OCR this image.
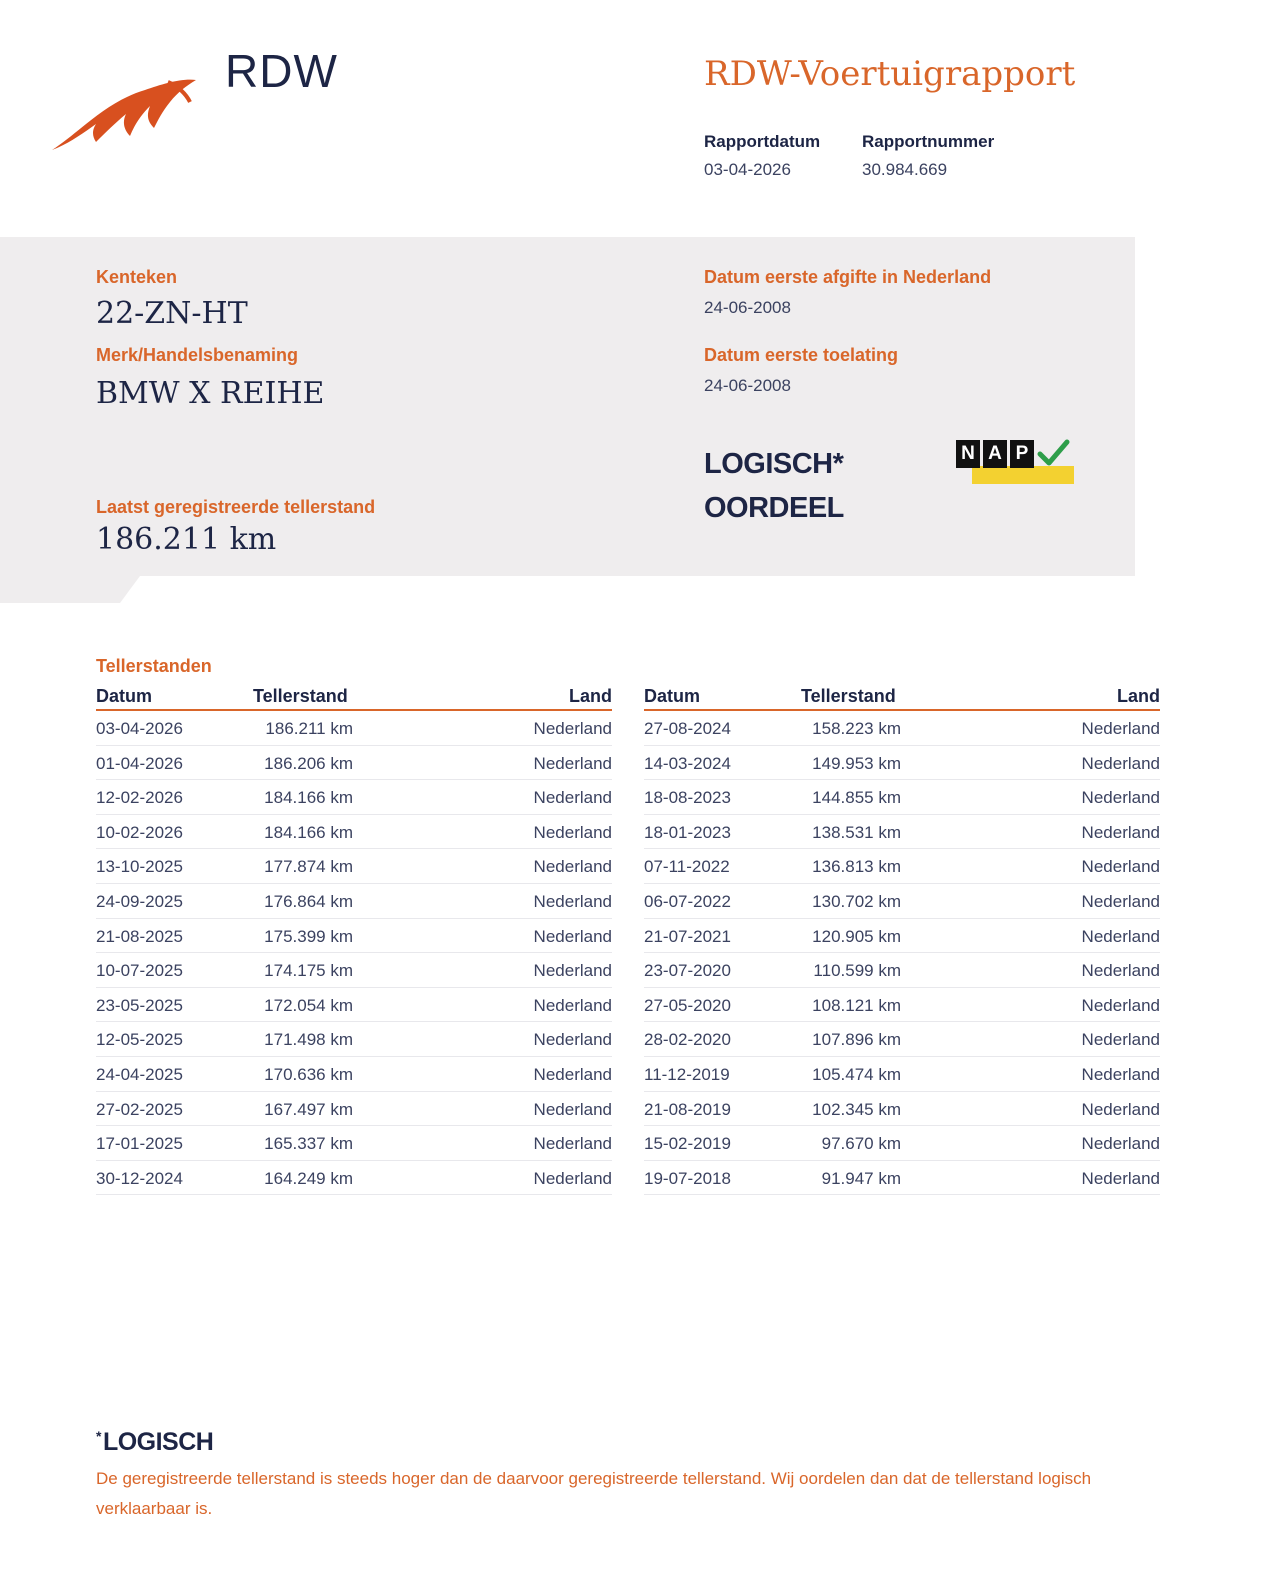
RDW	RDW-Voertuigrapport
Rapportdatum
03-04-2026
Rapportnummer
30.984.669
Kenteken
22-ZN-HT
Merk/Handelsbenaming
BMW X REIHE
Laatst geregistreerde tellerstand
186.211 km
Datum eerste afgifte in Nederland
24-06-2008
Datum eerste toelating
24-06-2008
LOGISCH*
OORDEEL
N A P
Tellerstanden
Datum	Tellerstand	Land
03-04-2026	186.211 km	Nederland
01-04-2026	186.206 km	Nederland
12-02-2026	184.166 km	Nederland
10-02-2026	184.166 km	Nederland
13-10-2025	177.874 km	Nederland
24-09-2025	176.864 km	Nederland
21-08-2025	175.399 km	Nederland
10-07-2025	174.175 km	Nederland
23-05-2025	172.054 km	Nederland
12-05-2025	171.498 km	Nederland
24-04-2025	170.636 km	Nederland
27-02-2025	167.497 km	Nederland
17-01-2025	165.337 km	Nederland
30-12-2024	164.249 km	Nederland
Datum	Tellerstand	Land
27-08-2024	158.223 km	Nederland
14-03-2024	149.953 km	Nederland
18-08-2023	144.855 km	Nederland
18-01-2023	138.531 km	Nederland
07-11-2022	136.813 km	Nederland
06-07-2022	130.702 km	Nederland
21-07-2021	120.905 km	Nederland
23-07-2020	110.599 km	Nederland
27-05-2020	108.121 km	Nederland
28-02-2020	107.896 km	Nederland
11-12-2019	105.474 km	Nederland
21-08-2019	102.345 km	Nederland
15-02-2019	97.670 km	Nederland
19-07-2018	91.947 km	Nederland
*LOGISCH
De geregistreerde tellerstand is steeds hoger dan de daarvoor geregistreerde tellerstand. Wij oordelen dan dat de tellerstand logisch verklaarbaar is.
